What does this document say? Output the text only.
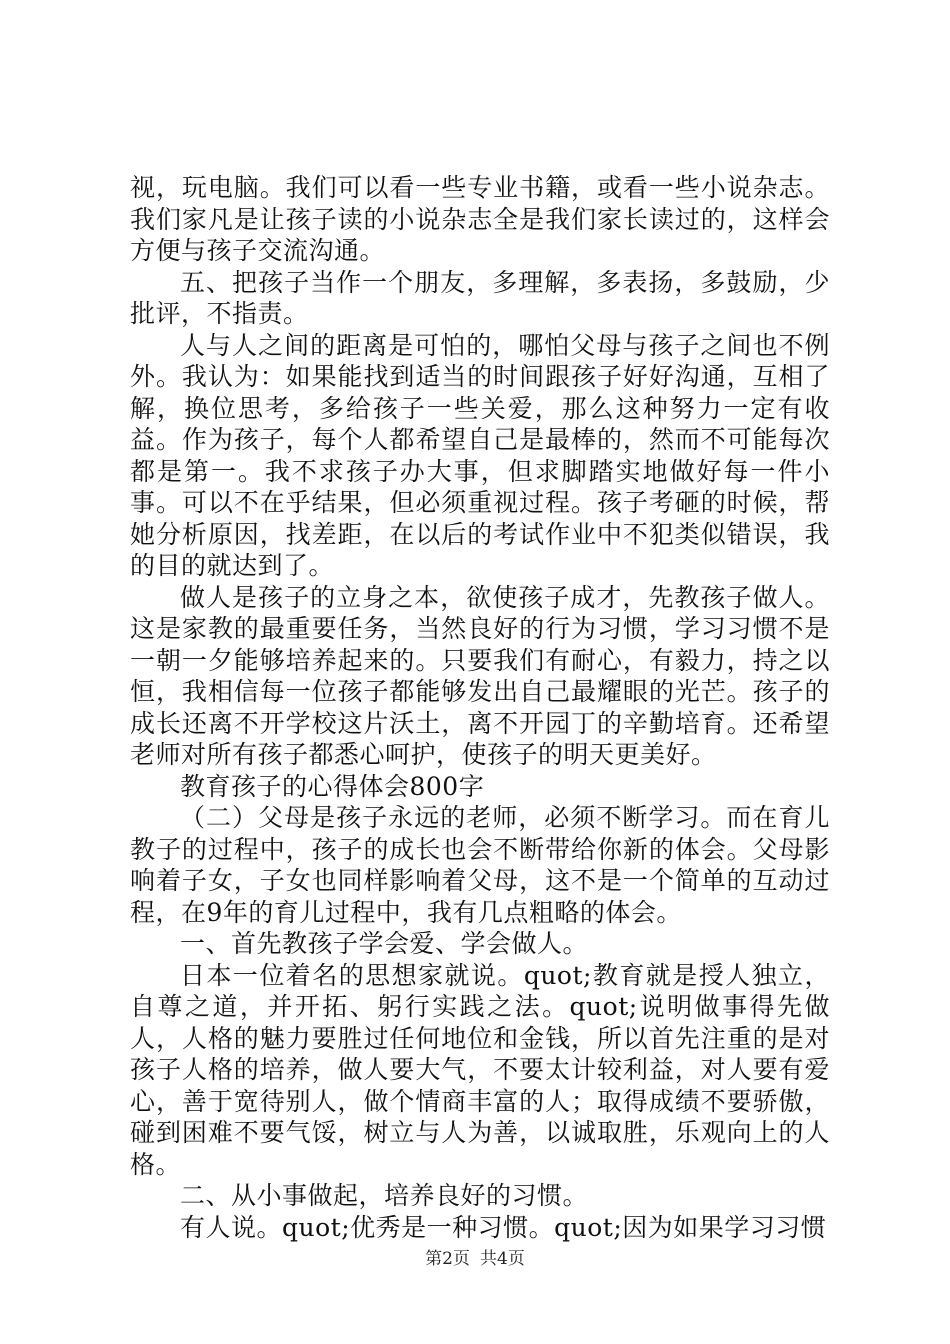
视，玩电脑。我们可以看一些专业书籍，或看一些小说杂志。我们家凡是让孩子读的小说杂志全是我们家长读过的，这样会方便与孩子交流沟通。

五、把孩子当作一个朋友，多理解，多表扬，多鼓励，少批评，不指责。

人与人之间的距离是可怕的，哪怕父母与孩子之间也不例外。我认为：如果能找到适当的时间跟孩子好好沟通，互相了解，换位思考，多给孩子一些关爱，那么这种努力一定有收益。作为孩子，每个人都希望自己是最棒的，然而不可能每次都是第一。我不求孩子办大事，但求脚踏实地做好每一件小事。可以不在乎结果，但必须重视过程。孩子考砸的时候，帮她分析原因，找差距，在以后的考试作业中不犯类似错误，我的目的就达到了。

做人是孩子的立身之本，欲使孩子成才，先教孩子做人。这是家教的最重要任务，当然良好的行为习惯，学习习惯不是一朝一夕能够培养起来的。只要我们有耐心，有毅力，持之以恒，我相信每一位孩子都能够发出自己最耀眼的光芒。孩子的成长还离不开学校这片沃土，离不开园丁的辛勤培育。还希望老师对所有孩子都悉心呵护，使孩子的明天更美好。

教育孩子的心得体会800字

（二）父母是孩子永远的老师，必须不断学习。而在育儿教子的过程中，孩子的成长也会不断带给你新的体会。父母影响着子女，子女也同样影响着父母，这不是一个简单的互动过程，在9年的育儿过程中，我有几点粗略的体会。

一、首先教孩子学会爱、学会做人。

日本一位着名的思想家就说。quot;教育就是授人独立，自尊之道，并开拓、躬行实践之法。quot;说明做事得先做人，人格的魅力要胜过任何地位和金钱，所以首先注重的是对孩子人格的培养，做人要大气，不要太计较利益，对人要有爱心，善于宽待别人，做个情商丰富的人；取得成绩不要骄傲，碰到困难不要气馁，树立与人为善，以诚取胜，乐观向上的人格。

二、从小事做起，培养良好的习惯。

有人说。quot;优秀是一种习惯。quot;因为如果学习习惯

第2页 共4页
